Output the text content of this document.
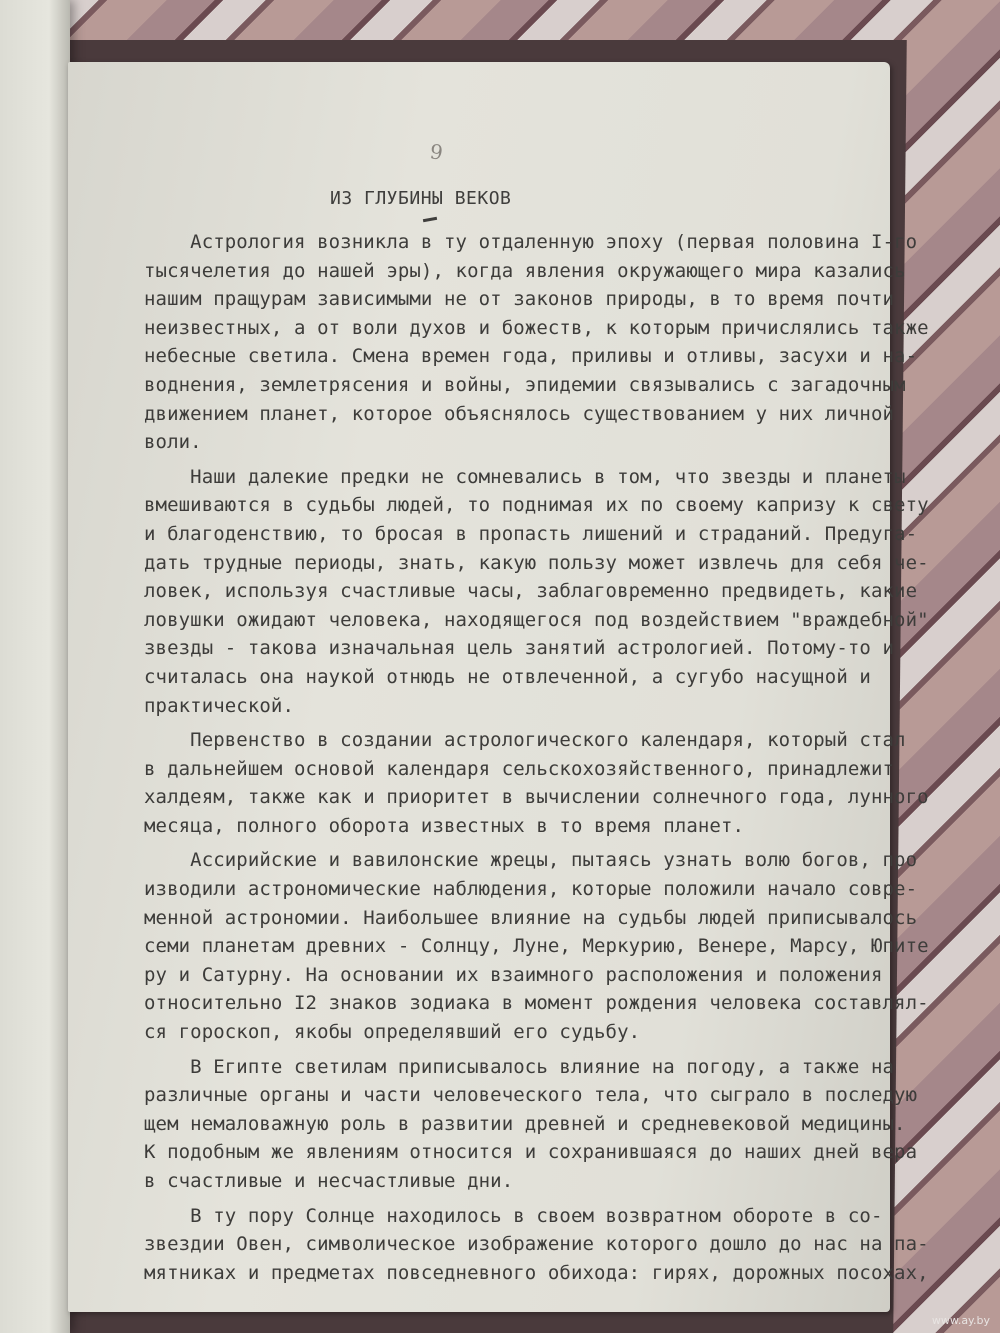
9
ИЗ ГЛУБИНЫ ВЕКОВ
Астрология возникла в ту отдаленную эпоху (первая половина I-го
тысячелетия до нашей эры), когда явления окружающего мира казались
нашим пращурам зависимыми не от законов природы, в то время почти
неизвестных, а от воли духов и божеств, к которым причислялись также
небесные светила. Смена времен года, приливы и отливы, засухи и на-
воднения, землетрясения и войны, эпидемии связывались с загадочным
движением планет, которое объяснялось существованием у них личной
воли.
Наши далекие предки не сомневались в том, что звезды и планеты
вмешиваются в судьбы людей, то поднимая их по своему капризу к свету
и благоденствию, то бросая в пропасть лишений и страданий. Предуга-
дать трудные периоды, знать, какую пользу может извлечь для себя че-
ловек, используя счастливые часы, заблаговременно предвидеть, какие
ловушки ожидают человека, находящегося под воздействием "враждебной"
звезды - такова изначальная цель занятий астрологией. Потому-то и
считалась она наукой отнюдь не отвлеченной, а сугубо насущной и
практической.
Первенство в создании астрологического календаря, который стал
в дальнейшем основой календаря сельскохозяйственного, принадлежит
халдеям, также как и приоритет в вычислении солнечного года, лунного
месяца, полного оборота известных в то время планет.
Ассирийские и вавилонские жрецы, пытаясь узнать волю богов, про
изводили астрономические наблюдения, которые положили начало совре-
менной астрономии. Наибольшее влияние на судьбы людей приписывалось
семи планетам древних - Солнцу, Луне, Меркурию, Венере, Марсу, Юпите
ру и Сатурну. На основании их взаимного расположения и положения
относительно I2 знаков зодиака в момент рождения человека составлял-
ся гороскоп, якобы определявший его судьбу.
В Египте светилам приписывалось влияние на погоду, а также на
различные органы и части человеческого тела, что сыграло в последую
щем немаловажную роль в развитии древней и средневековой медицины.
К подобным же явлениям относится и сохранившаяся до наших дней вера
в счастливые и несчастливые дни.
В ту пору Солнце находилось в своем возвратном обороте в со-
звездии Овен, символическое изображение которого дошло до нас на па-
мятниках и предметах повседневного обихода: гирях, дорожных посохах,
www.ay.by
